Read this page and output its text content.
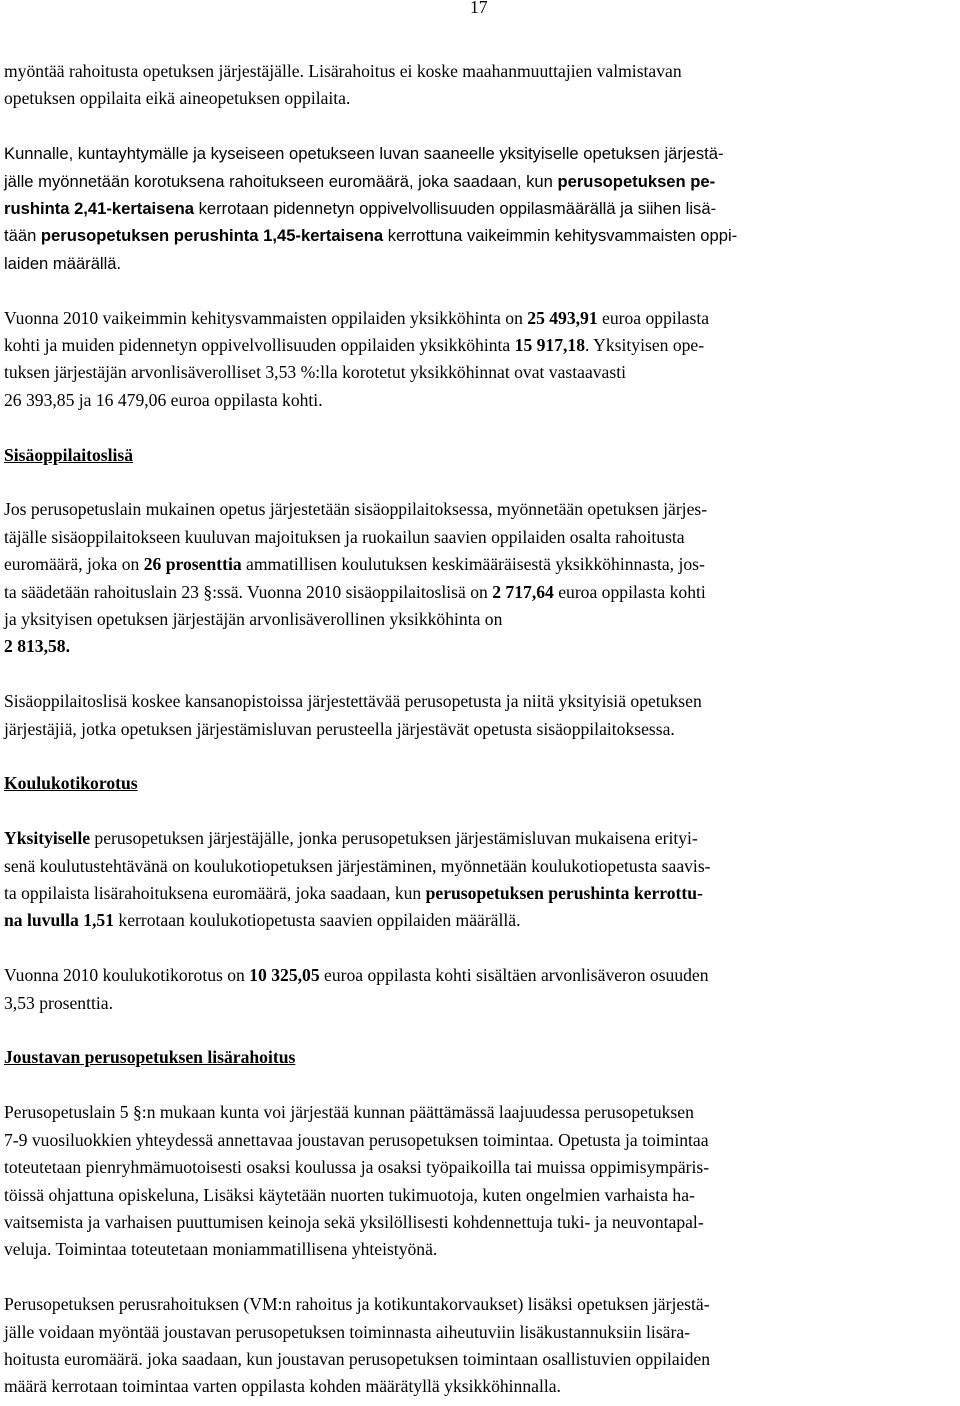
17

myöntää rahoitusta opetuksen järjestäjälle. Lisärahoitus ei koske maahanmuuttajien valmistavan
opetuksen oppilaita eikä aineopetuksen oppilaita.

Kunnalle, kuntayhtymälle ja kyseiseen opetukseen luvan saaneelle yksityiselle opetuksen järjestä-
jälle myönnetään korotuksena rahoitukseen euromäärä, joka saadaan, kun perusopetuksen pe-
rushinta 2,41-kertaisena kerrotaan pidennetyn oppivelvollisuuden oppilasmäärällä ja siihen lisä-
tään perusopetuksen perushinta 1,45-kertaisena kerrottuna vaikeimmin kehitysvammaisten oppi-
laiden määrällä.

Vuonna 2010 vaikeimmin kehitysvammaisten oppilaiden yksikköhinta on 25 493,91 euroa oppilasta
kohti ja muiden pidennetyn oppivelvollisuuden oppilaiden yksikköhinta 15 917,18. Yksityisen ope-
tuksen järjestäjän arvonlisäverolliset 3,53 %:lla korotetut yksikköhinnat ovat vastaavasti
26 393,85 ja 16 479,06 euroa oppilasta kohti.

Sisäoppilaitoslisä

Jos perusopetuslain mukainen opetus järjestetään sisäoppilaitoksessa, myönnetään opetuksen järjes-
täjälle sisäoppilaitokseen kuuluvan majoituksen ja ruokailun saavien oppilaiden osalta rahoitusta
euromäärä, joka on 26 prosenttia ammatillisen koulutuksen keskimääräisestä yksikköhinnasta, jos-
ta säädetään rahoituslain 23 §:ssä. Vuonna 2010 sisäoppilaitoslisä on 2 717,64 euroa oppilasta kohti
ja yksityisen opetuksen järjestäjän arvonlisäverollinen yksikköhinta on
2 813,58.

Sisäoppilaitoslisä koskee kansanopistoissa järjestettävää perusopetusta ja niitä yksityisiä opetuksen
järjestäjiä, jotka opetuksen järjestämisluvan perusteella järjestävät opetusta sisäoppilaitoksessa.

Koulukotikorotus

Yksityiselle perusopetuksen järjestäjälle, jonka perusopetuksen järjestämisluvan mukaisena erityi-
senä koulutustehtävänä on koulukotiopetuksen järjestäminen, myönnetään koulukotiopetusta saavis-
ta oppilaista lisärahoituksena euromäärä, joka saadaan, kun perusopetuksen perushinta kerrottu-
na luvulla 1,51 kerrotaan koulukotiopetusta saavien oppilaiden määrällä.

Vuonna 2010 koulukotikorotus on 10 325,05 euroa oppilasta kohti sisältäen arvonlisäveron osuuden
3,53 prosenttia.

Joustavan perusopetuksen lisärahoitus

Perusopetuslain 5 §:n mukaan kunta voi järjestää kunnan päättämässä laajuudessa perusopetuksen
7-9 vuosiluokkien yhteydessä annettavaa joustavan perusopetuksen toimintaa. Opetusta ja toimintaa
toteutetaan pienryhmämuotoisesti osaksi koulussa ja osaksi työpaikoilla tai muissa oppimisympäris-
töissä ohjattuna opiskeluna, Lisäksi käytetään nuorten tukimuotoja, kuten ongelmien varhaista ha-
vaitsemista ja varhaisen puuttumisen keinoja sekä yksilöllisesti kohdennettuja tuki- ja neuvontapal-
veluja. Toimintaa toteutetaan moniammatillisena yhteistyönä.

Perusopetuksen perusrahoituksen (VM:n rahoitus ja kotikuntakorvaukset) lisäksi opetuksen järjestä-
jälle voidaan myöntää joustavan perusopetuksen toiminnasta aiheutuviin lisäkustannuksiin lisära-
hoitusta euromäärä. joka saadaan, kun joustavan perusopetuksen toimintaan osallistuvien oppilaiden
määrä kerrotaan toimintaa varten oppilasta kohden määrätyllä yksikköhinnalla.
